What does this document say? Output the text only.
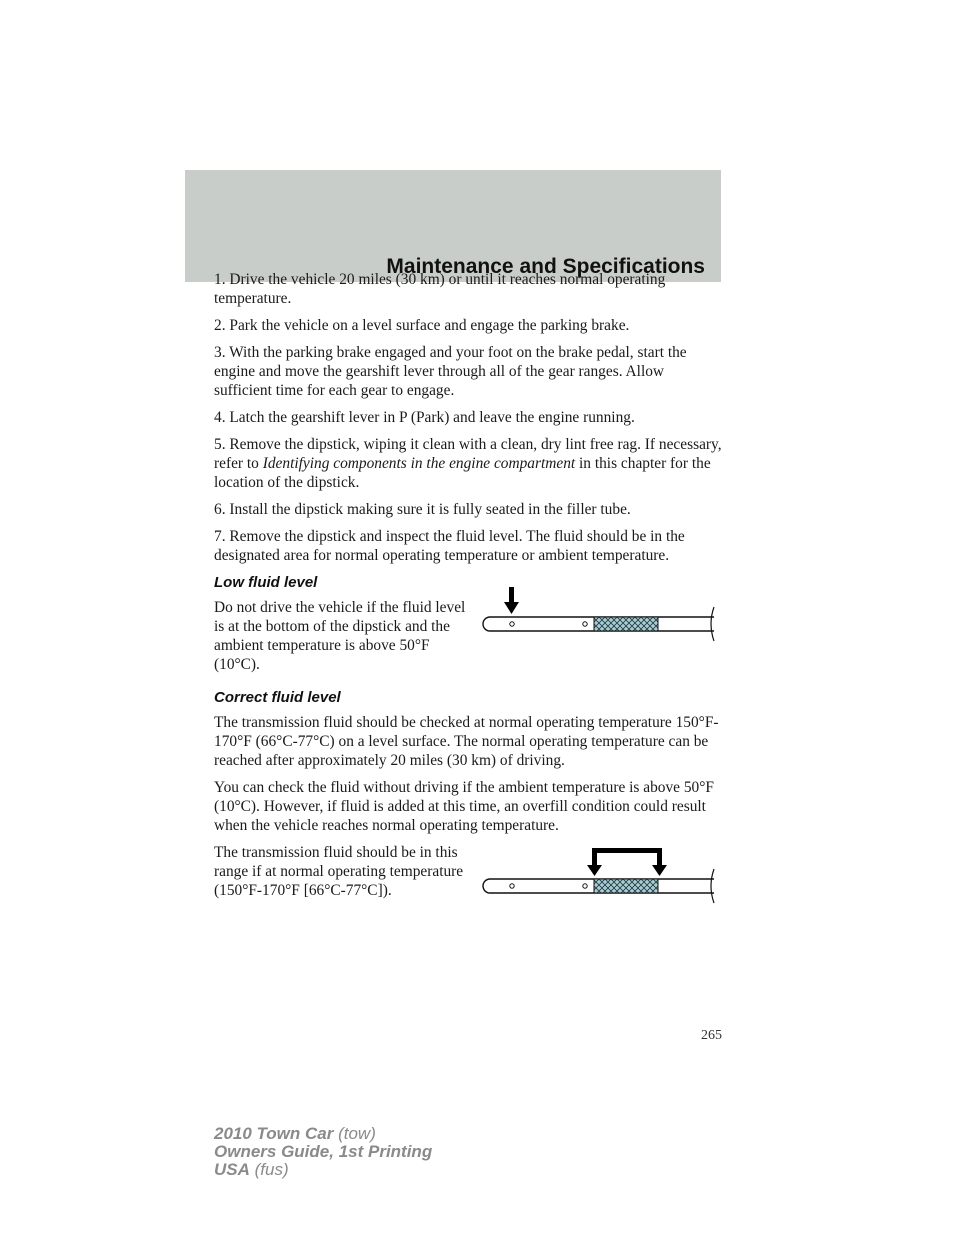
Maintenance and Specifications

1. Drive the vehicle 20 miles (30 km) or until it reaches normal operating temperature.

2. Park the vehicle on a level surface and engage the parking brake.

3. With the parking brake engaged and your foot on the brake pedal, start the engine and move the gearshift lever through all of the gear ranges. Allow sufficient time for each gear to engage.

4. Latch the gearshift lever in P (Park) and leave the engine running.

5. Remove the dipstick, wiping it clean with a clean, dry lint free rag. If necessary, refer to Identifying components in the engine compartment in this chapter for the location of the dipstick.

6. Install the dipstick making sure it is fully seated in the filler tube.

7. Remove the dipstick and inspect the fluid level. The fluid should be in the designated area for normal operating temperature or ambient temperature.

Low fluid level

Do not drive the vehicle if the fluid level is at the bottom of the dipstick and the ambient temperature is above 50°F (10°C).

Correct fluid level

The transmission fluid should be checked at normal operating temperature 150°F-170°F (66°C-77°C) on a level surface. The normal operating temperature can be reached after approximately 20 miles (30 km) of driving.

You can check the fluid without driving if the ambient temperature is above 50°F (10°C). However, if fluid is added at this time, an overfill condition could result when the vehicle reaches normal operating temperature.

The transmission fluid should be in this range if at normal operating temperature (150°F-170°F [66°C-77°C]).

265
2010 Town Car (tow)
Owners Guide, 1st Printing
USA (fus)
